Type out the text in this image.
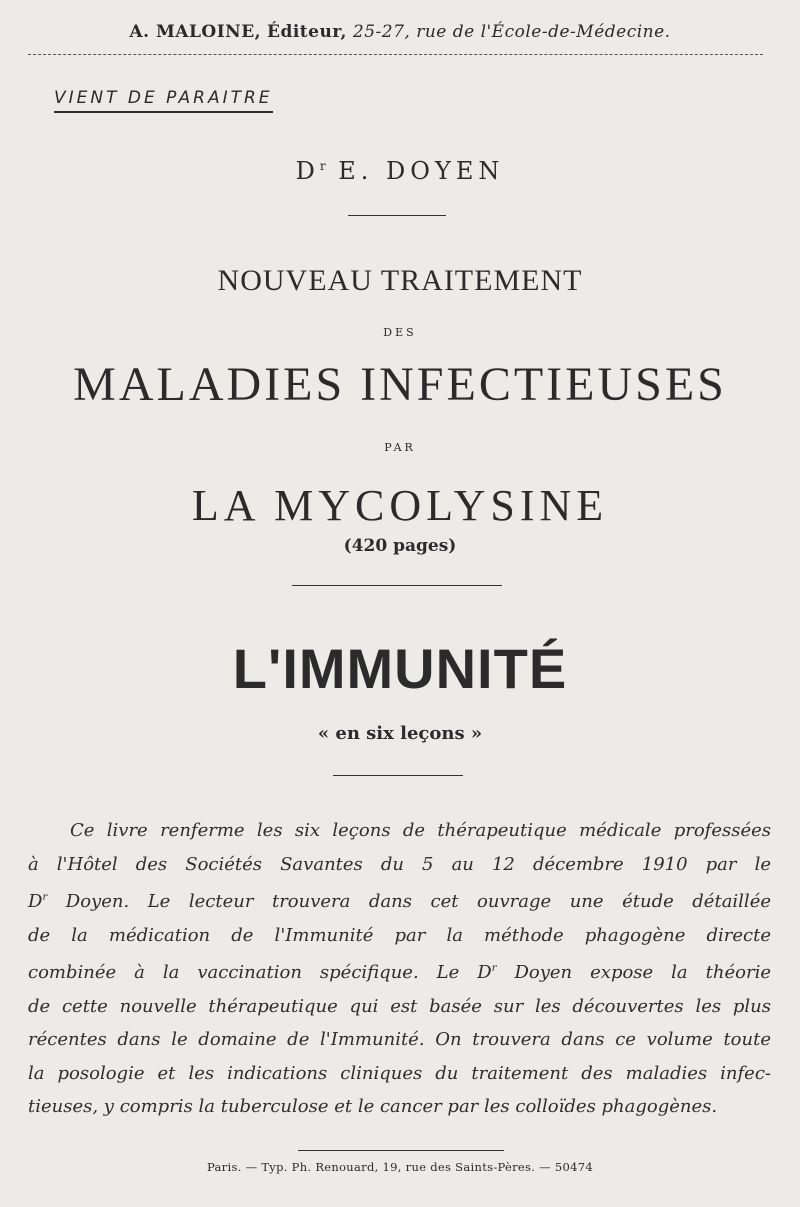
A. MALOINE, Éditeur, 25-27, rue de l'École-de-Médecine.
VIENT DE PARAITRE
$D^r$ E. DOYEN
NOUVEAU TRAITEMENT
DES
MALADIES INFECTIEUSES
PAR
LA MYCOLYSINE
(420 pages)
L'IMMUNITÉ
« en six leçons »
Ce livre renferme les six leçons de thérapeutique médicale professées
à l'Hôtel des Sociétés Savantes du 5 au 12 décembre 1910 par le
$D^r$ Doyen. Le lecteur trouvera dans cet ouvrage une étude détaillée
de la médication de l'Immunité par la méthode phagogène directe
combinée à la vaccination spécifique. Le $D^r$ Doyen expose la théorie
de cette nouvelle thérapeutique qui est basée sur les découvertes les plus
récentes dans le domaine de l'Immunité. On trouvera dans ce volume toute
la posologie et les indications cliniques du traitement des maladies infec-
tieuses, y compris la tuberculose et le cancer par les colloïdes phagogènes.
Paris. — Typ. Ph. Renouard, 19, rue des Saints-Pères. — 50474
